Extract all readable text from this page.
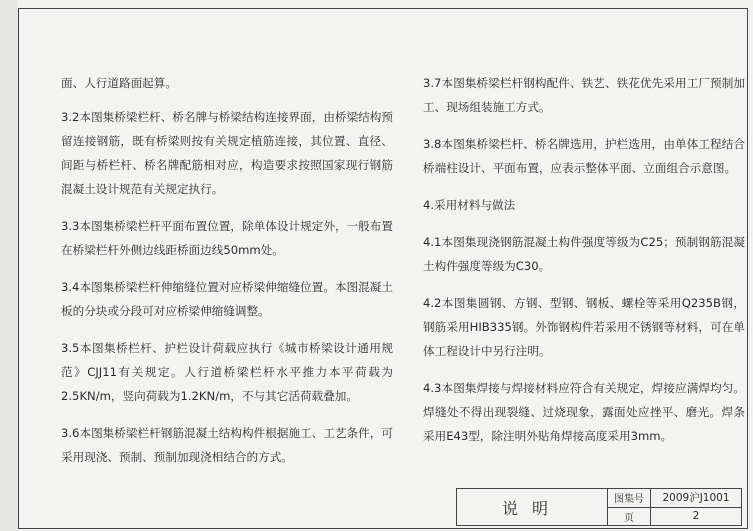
面、人行道路面起算。

3.2本图集桥梁栏杆、桥名牌与桥梁结构连接界面，由桥梁结构预留连接钢筋，既有桥梁则按有关规定植筋连接，其位置、直径、间距与桥栏杆、桥名牌配筋相对应，构造要求按照国家现行钢筋混凝土设计规范有关规定执行。

3.3本图集桥梁栏杆平面布置位置，除单体设计规定外，一般布置在桥梁栏杆外侧边线距桥面边线50mm处。

3.4本图集桥梁栏杆伸缩缝位置对应桥梁伸缩缝位置。本图混凝土板的分块或分段可对应桥梁伸缩缝调整。

3.5本图集桥栏杆、护栏设计荷载应执行《城市桥梁设计通用规范》CJJ11有关规定。人行道桥梁栏杆水平推力本平荷载为2.5KN/m，竖向荷载为1.2KN/m，不与其它活荷载叠加。

3.6本图集桥梁栏杆钢筋混凝土结构构件根据施工、工艺条件，可采用现浇、预制、预制加现浇相结合的方式。

3.7本图集桥梁栏杆钢构配件、铁艺、铁花优先采用工厂预制加工、现场组装施工方式。

3.8本图集桥梁栏杆、桥名牌选用，护栏选用，由单体工程结合桥端柱设计、平面布置，应表示整体平面、立面组合示意图。

4.采用材料与做法

4.1本图集现浇钢筋混凝土构件强度等级为C25；预制钢筋混凝土构件强度等级为C30。

4.2本图集圆钢、方钢、型钢、钢板、螺栓等采用Q235B钢，钢筋采用HIB335钢。外饰钢构件若采用不锈钢等材料，可在单体工程设计中另行注明。

4.3本图集焊接与焊接材料应符合有关规定，焊接应满焊均匀。焊缝处不得出现裂缝、过烧现象，露面处应挫平、磨光。焊条采用E43型，除注明外贴角焊接高度采用3mm。

说明	图集号	2009沪J1001
	页	2
